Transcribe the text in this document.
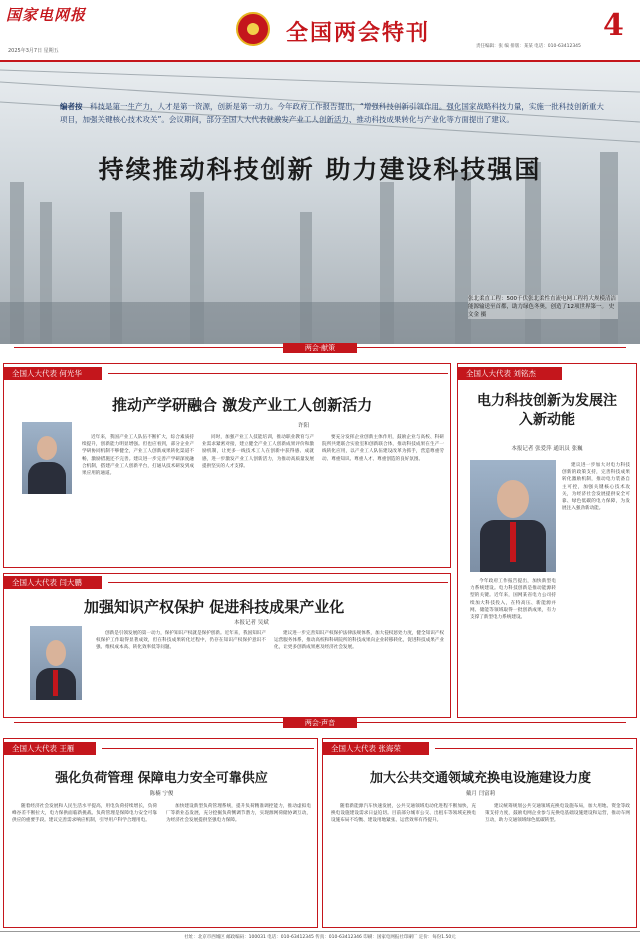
国家电网报
2025年3月7日 星期五
全国两会特刊
责任编辑：张 编 排版：某某 电话：010-63412345
4
编者按　 科技是第一生产力，人才是第一资源，创新是第一动力。今年政府工作报告提出，“增强科技创新引领作用。强化国家战略科技力量，实施一批科技创新重大项目，加强关键核心技术攻关”。会议期间，部分全国人大代表就激发产业工人创新活力、推动科技成果转化与产业化等方面提出了建议。
持续推动科技创新 助力建设科技强国
张北柔直工程：500千伏张北柔性直流电网工程将大规模清洁能源输送至首都，助力绿色冬奥，创造了12项世界第一。 史文金 摄
两会·献策
全国人大代表 何光华
推动产学研融合 激发产业工人创新活力
许阳
近年来，我国产业工人队伍不断扩大，综合素质持续提升，创新能力明显增强。但也应看到，部分企业产学研协同机制不够健全，产业工人创新成果转化渠道不畅，激励措施还不完善。建议进一步完善产学研深度融合机制，搭建产业工人创新平台，打通从技术研发到成果应用的通道。
同时，加强产业工人技能培训，推动职业教育与产业需求紧密对接，建立健全产业工人创新成果评价和激励机制，让更多一线技术工人在创新中获得感、成就感，进一步激发产业工人创新活力，为推动高质量发展提供坚实的人才支撑。
要充分发挥企业创新主体作用，鼓励企业与高校、科研院所共建联合实验室和创新联合体，推动科技成果在生产一线转化应用，以产业工人队伍建设改革为抓手，营造尊重劳动、尊重知识、尊重人才、尊重创造的良好氛围。
全国人大代表 刘铭杰
电力科技创新为发展注入新动能
本报记者 张爱萍 通讯员 张巍
建议进一步加大对电力科技创新的政策支持，完善科技成果转化激励机制，推动电力装备自主可控，加强关键核心技术攻关，为经济社会发展提供安全可靠、绿色低碳的电力保障，为发展注入强劲新动能。
今年政府工作报告提出，加快新型电力系统建设。电力科技创新是推动能源转型的关键。近年来，国网某省电力公司持续加大科技投入，在特高压、新能源并网、储能等领域取得一批创新成果，有力支撑了新型电力系统建设。
全国人大代表 闫大鹏
加强知识产权保护 促进科技成果产业化
本报记者 吴斌
创新是引领发展的第一动力，保护知识产权就是保护创新。近年来，我国知识产权保护工作取得显著成效，但在科技成果转化过程中，仍存在知识产权保护意识不强、维权成本高、转化效率低等问题。
建议进一步完善知识产权保护法律法规体系，加大侵权惩处力度，健全知识产权运营服务体系，推动高校和科研院所的科技成果向企业转移转化，促进科技成果产业化，让更多创新成果惠及经济社会发展。
两会·声音
全国人大代表 王雁
强化负荷管理 保障电力安全可靠供应
陈楠 宁俊
随着经济社会发展和人民生活水平提高，用电负荷持续增长，负荷峰谷差不断拉大，电力保供面临新挑战。负荷管理是保障电力安全可靠供应的重要手段。建议完善需求响应机制，引导用户科学合理用电。
加快建设新型负荷管理系统，提升负荷精准调控能力，推动虚拟电厂等新业态发展，充分挖掘负荷侧调节潜力，实现源网荷储协调互动，为经济社会发展提供坚强电力保障。
全国人大代表 张海荣
加大公共交通领域充换电设施建设力度
戴月 闫富莉
随着新能源汽车快速发展，公共交通领域电动化进程不断加快，充换电设施建设需求日益迫切。目前部分城市公交、出租车等领域充换电设施布局不均衡、建设用地紧张、运营效率有待提升。
建议统筹规划公共交通领域充换电设施布局，加大用地、资金等政策支持力度，鼓励电网企业参与充换电基础设施建设和运营，推动车网互动，助力交通领域绿色低碳转型。
社址：北京市西城区 邮政编码：100031 电话：010-63412345 传真：010-63412346 印刷：国家电网报社印刷厂 定价：每份1.50元
